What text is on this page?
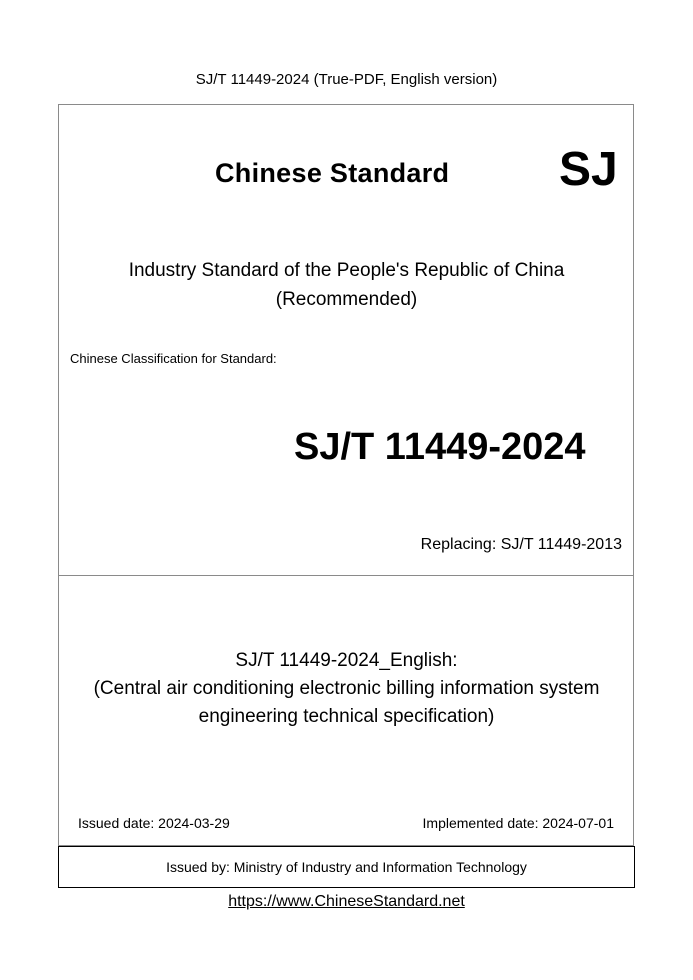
SJ/T 11449-2024 (True-PDF, English version)
Chinese Standard SJ
Industry Standard of the People's Republic of China
(Recommended)
Chinese Classification for Standard:
SJ/T 11449-2024
Replacing: SJ/T 11449-2013
SJ/T 11449-2024_English:
(Central air conditioning electronic billing information system
engineering technical specification)
Issued date: 2024-03-29	Implemented date: 2024-07-01
Issued by: Ministry of Industry and Information Technology
https://www.ChineseStandard.net
